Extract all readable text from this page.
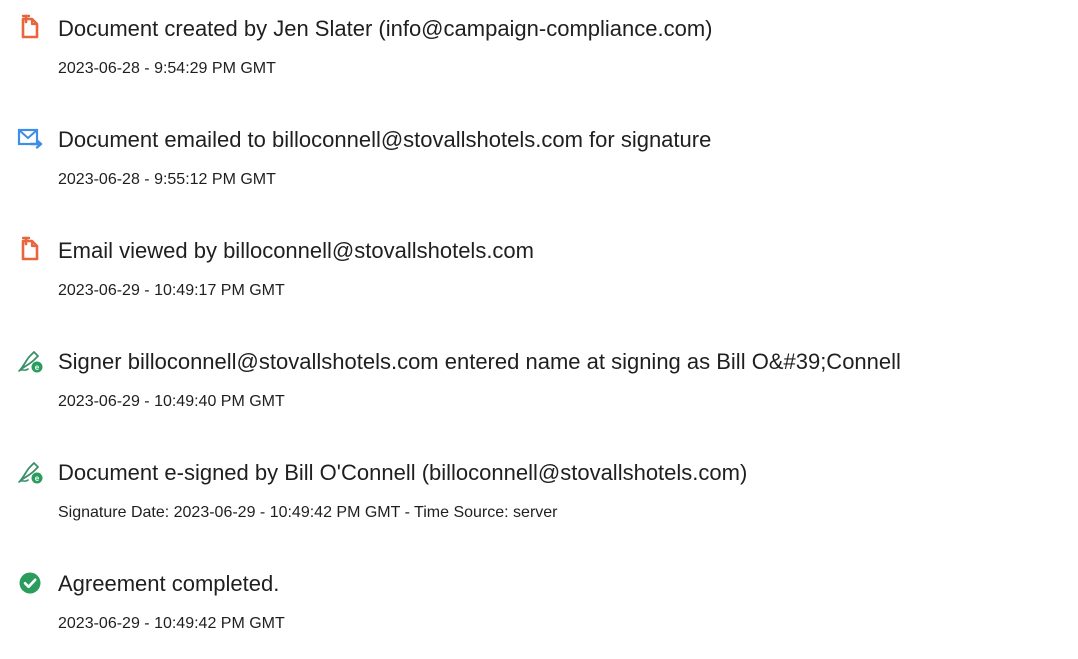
Document created by Jen Slater (info@campaign-compliance.com)
2023-06-28 - 9:54:29 PM GMT
Document emailed to billoconnell@stovallshotels.com for signature
2023-06-28 - 9:55:12 PM GMT
Email viewed by billoconnell@stovallshotels.com
2023-06-29 - 10:49:17 PM GMT
e Signer billoconnell@stovallshotels.com entered name at signing as Bill O&#39;Connell
2023-06-29 - 10:49:40 PM GMT
e Document e-signed by Bill O'Connell (billoconnell@stovallshotels.com)
Signature Date: 2023-06-29 - 10:49:42 PM GMT - Time Source: server
Agreement completed.
2023-06-29 - 10:49:42 PM GMT
